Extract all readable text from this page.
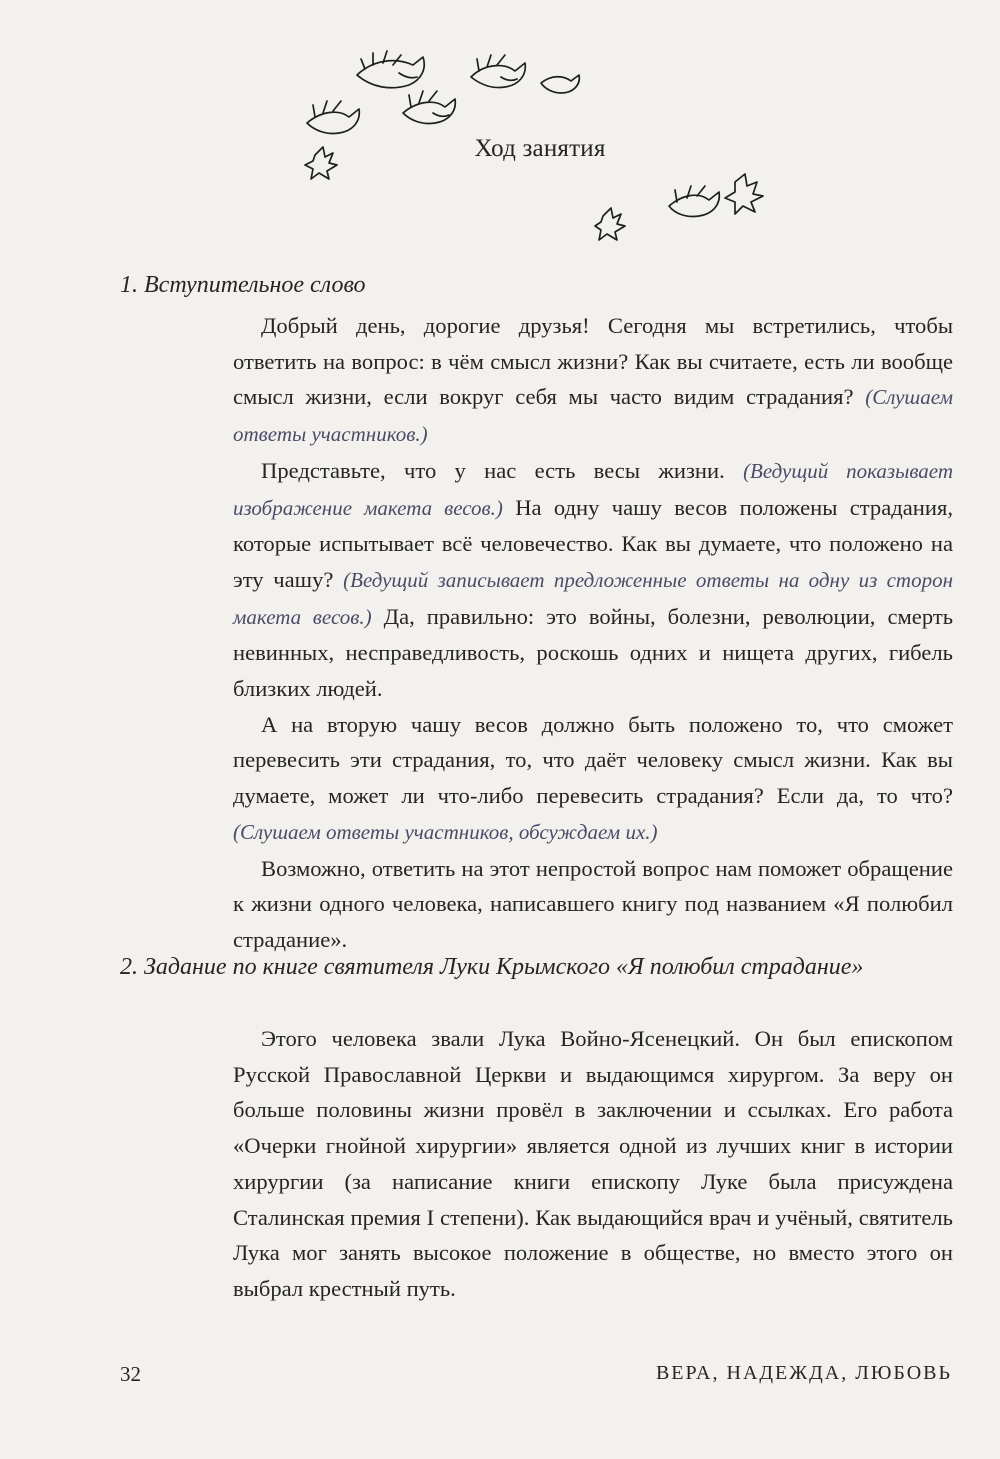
Ход занятия
1. Вступительное слово

Добрый день, дорогие друзья! Сегодня мы встретились, чтобы ответить на вопрос: в чём смысл жизни? Как вы считаете, есть ли вообще смысл жизни, если вокруг себя мы часто видим страдания? (Слушаем ответы участников.)

Представьте, что у нас есть весы жизни. (Ведущий показывает изображение макета весов.) На одну чашу весов положены страдания, которые испытывает всё человечество. Как вы думаете, что положено на эту чашу? (Ведущий записывает предложенные ответы на одну из сторон макета весов.) Да, правильно: это войны, болезни, революции, смерть невинных, несправедливость, роскошь одних и нищета других, гибель близких людей.

А на вторую чашу весов должно быть положено то, что сможет перевесить эти страдания, то, что даёт человеку смысл жизни. Как вы думаете, может ли что-либо перевесить страдания? Если да, то что? (Слушаем ответы участников, обсуждаем их.)

Возможно, ответить на этот непростой вопрос нам поможет обращение к жизни одного человека, написавшего книгу под названием «Я полюбил страдание».

2. Задание по книге святителя Луки Крымского «Я полюбил страдание»

Этого человека звали Лука Войно-Ясенецкий. Он был епископом Русской Православной Церкви и выдающимся хирургом. За веру он больше половины жизни провёл в заключении и ссылках. Его работа «Очерки гнойной хирургии» является одной из лучших книг в истории хирургии (за написание книги епископу Луке была присуждена Сталинская премия I степени). Как выдающийся врач и учёный, святитель Лука мог занять высокое положение в обществе, но вместо этого он выбрал крестный путь.

32	ВЕРА, НАДЕЖДА, ЛЮБОВЬ
